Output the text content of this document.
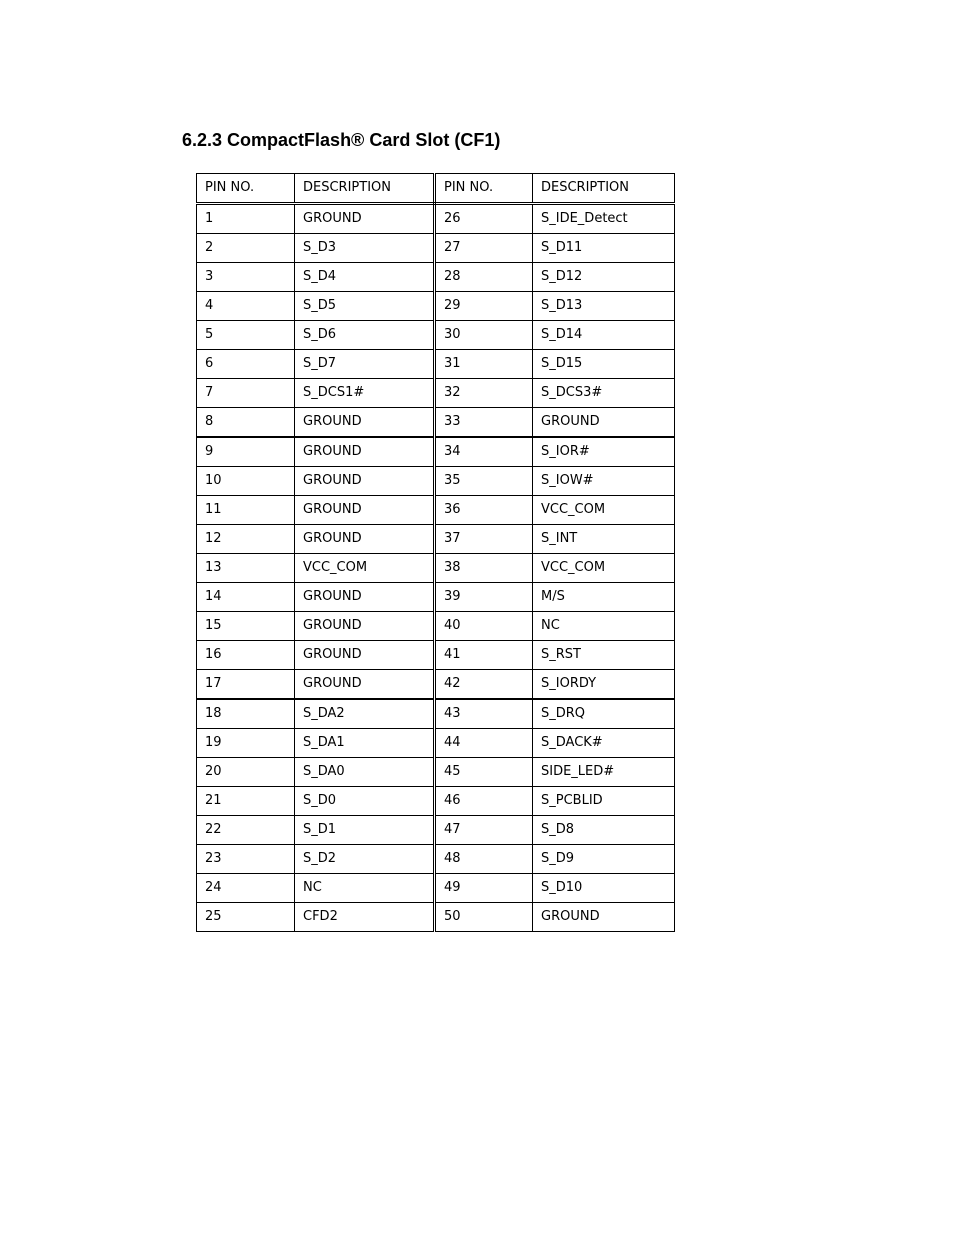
6.2.3 CompactFlash® Card Slot (CF1)
PIN NO.	DESCRIPTION	PIN NO.	DESCRIPTION
1	GROUND	26	S_IDE_Detect
2	S_D3	27	S_D11
3	S_D4	28	S_D12
4	S_D5	29	S_D13
5	S_D6	30	S_D14
6	S_D7	31	S_D15
7	S_DCS1#	32	S_DCS3#
8	GROUND	33	GROUND
9	GROUND	34	S_IOR#
10	GROUND	35	S_IOW#
11	GROUND	36	VCC_COM
12	GROUND	37	S_INT
13	VCC_COM	38	VCC_COM
14	GROUND	39	M/S
15	GROUND	40	NC
16	GROUND	41	S_RST
17	GROUND	42	S_IORDY
18	S_DA2	43	S_DRQ
19	S_DA1	44	S_DACK#
20	S_DA0	45	SIDE_LED#
21	S_D0	46	S_PCBLID
22	S_D1	47	S_D8
23	S_D2	48	S_D9
24	NC	49	S_D10
25	CFD2	50	GROUND
